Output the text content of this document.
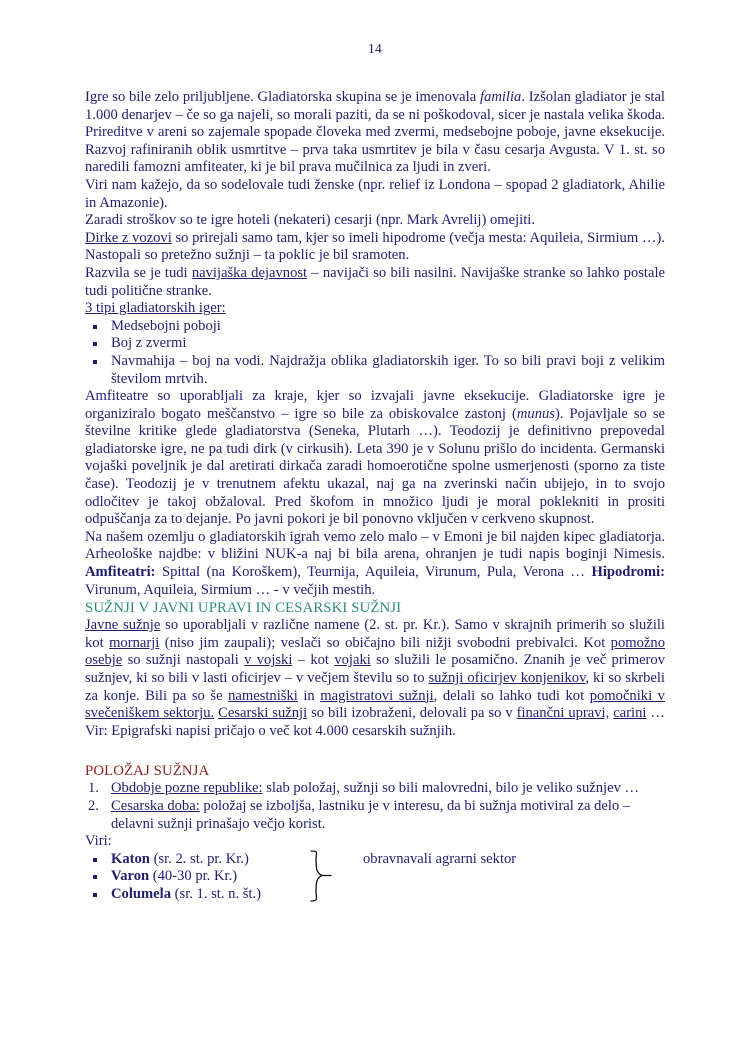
14

Igre so bile zelo priljubljene. Gladiatorska skupina se je imenovala familia. Izšolan gladiator je stal 1.000 denarjev – če so ga najeli, so morali paziti, da se ni poškodoval, sicer je nastala velika škoda. Prireditve v areni so zajemale spopade človeka med zvermi, medsebojne poboje, javne eksekucije. Razvoj rafiniranih oblik usmrtitve – prva taka usmrtitev je bila v času cesarja Avgusta. V 1. st. so naredili famozni amfiteater, ki je bil prava mučilnica za ljudi in zveri.

Viri nam kažejo, da so sodelovale tudi ženske (npr. relief iz Londona – spopad 2 gladiatork, Ahilie in Amazonie).

Zaradi stroškov so te igre hoteli (nekateri) cesarji (npr. Mark Avrelij) omejiti.

Dirke z vozovi so prirejali samo tam, kjer so imeli hipodrome (večja mesta: Aquileia, Sirmium …). Nastopali so pretežno sužnji – ta poklic je bil sramoten.

Razvila se je tudi navijaška dejavnost – navijači so bili nasilni. Navijaške stranke so lahko postale tudi politične stranke.

3 tipi gladiatorskih iger:

Medsebojni poboji
Boj z zvermi
Navmahija – boj na vodi. Najdražja oblika gladiatorskih iger. To so bili pravi boji z velikim številom mrtvih.

Amfiteatre so uporabljali za kraje, kjer so izvajali javne eksekucije. Gladiatorske igre je organiziralo bogato meščanstvo – igre so bile za obiskovalce zastonj (munus). Pojavljale so se številne kritike glede gladiatorstva (Seneka, Plutarh …). Teodozij je definitivno prepovedal gladiatorske igre, ne pa tudi dirk (v cirkusih). Leta 390 je v Solunu prišlo do incidenta. Germanski vojaški poveljnik je dal aretirati dirkača zaradi homoerotične spolne usmerjenosti (sporno za tiste čase). Teodozij je v trenutnem afektu ukazal, naj ga na zverinski način ubijejo, in to svojo odločitev je takoj obžaloval. Pred škofom in množico ljudi je moral poklekniti in prositi odpuščanja za to dejanje. Po javni pokori je bil ponovno vključen v cerkveno skupnost.

Na našem ozemlju o gladiatorskih igrah vemo zelo malo – v Emoni je bil najden kipec gladiatorja. Arheološke najdbe: v bližini NUK-a naj bi bila arena, ohranjen je tudi napis boginji Nimesis. Amfiteatri: Spittal (na Koroškem), Teurnija, Aquileia, Virunum, Pula, Verona … Hipodromi: Virunum, Aquileia, Sirmium … - v večjih mestih.

SUŽNJI V JAVNI UPRAVI IN CESARSKI SUŽNJI

Javne sužnje so uporabljali v različne namene (2. st. pr. Kr.). Samo v skrajnih primerih so služili kot mornarji (niso jim zaupali); veslači so običajno bili nižji svobodni prebivalci. Kot pomožno osebje so sužnji nastopali v vojski – kot vojaki so služili le posamično. Znanih je več primerov sužnjev, ki so bili v lasti oficirjev – v večjem številu so to sužnji oficirjev konjenikov, ki so skrbeli za konje. Bili pa so še namestniški in magistratovi sužnji, delali so lahko tudi kot pomočniki v svečeniškem sektorju. Cesarski sužnji so bili izobraženi, delovali pa so v finančni upravi, carini … Vir: Epigrafski napisi pričajo o več kot 4.000 cesarskih sužnjih.

POLOŽAJ SUŽNJA
Obdobje pozne republike: slab položaj, sužnji so bili malovredni, bilo je veliko sužnjev …
Cesarska doba: položaj se izboljša, lastniku je v interesu, da bi sužnja motiviral za delo – delavni sužnji prinašajo večjo korist.

Viri:

Katon (sr. 2. st. pr. Kr.)
Varon (40-30 pr. Kr.)
Columela (sr. 1. st. n. št.)
obravnavali agrarni sektor
